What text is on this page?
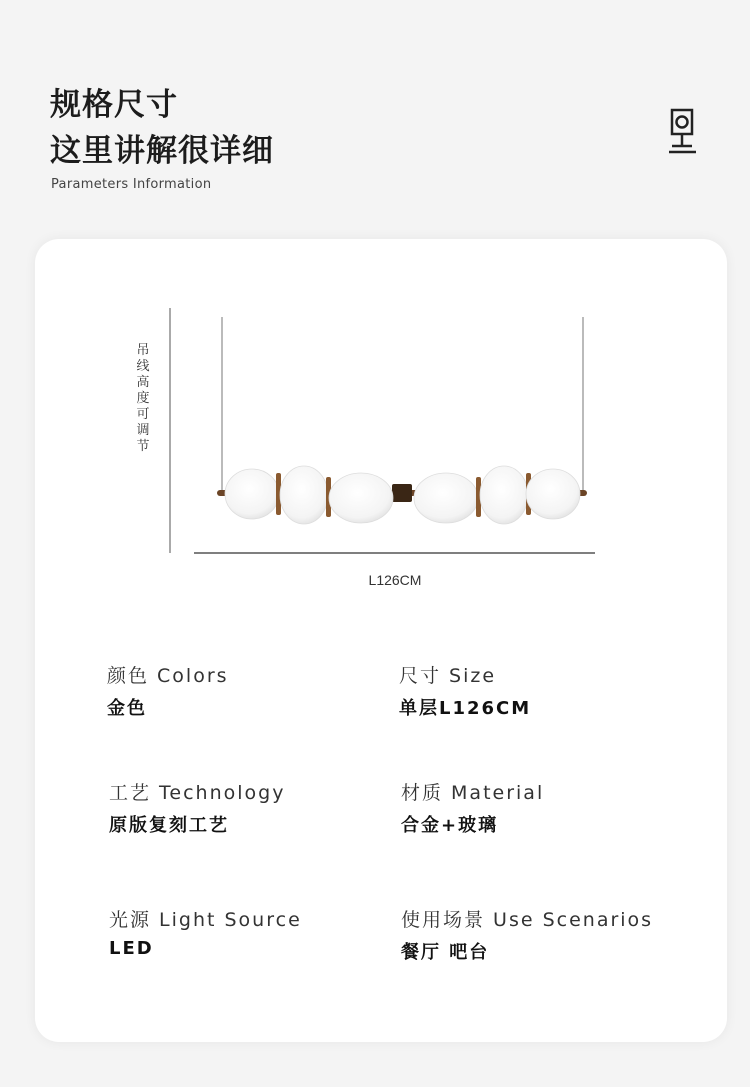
规格尺寸
这里讲解很详细
Parameters Information
吊线高度可调节
L126CM
颜色 Colors
金色
尺寸 Size
单层L126CM
工艺 Technology
原版复刻工艺
材质 Material
合金+玻璃
光源 Light Source
LED
使用场景 Use Scenarios
餐厅 吧台
